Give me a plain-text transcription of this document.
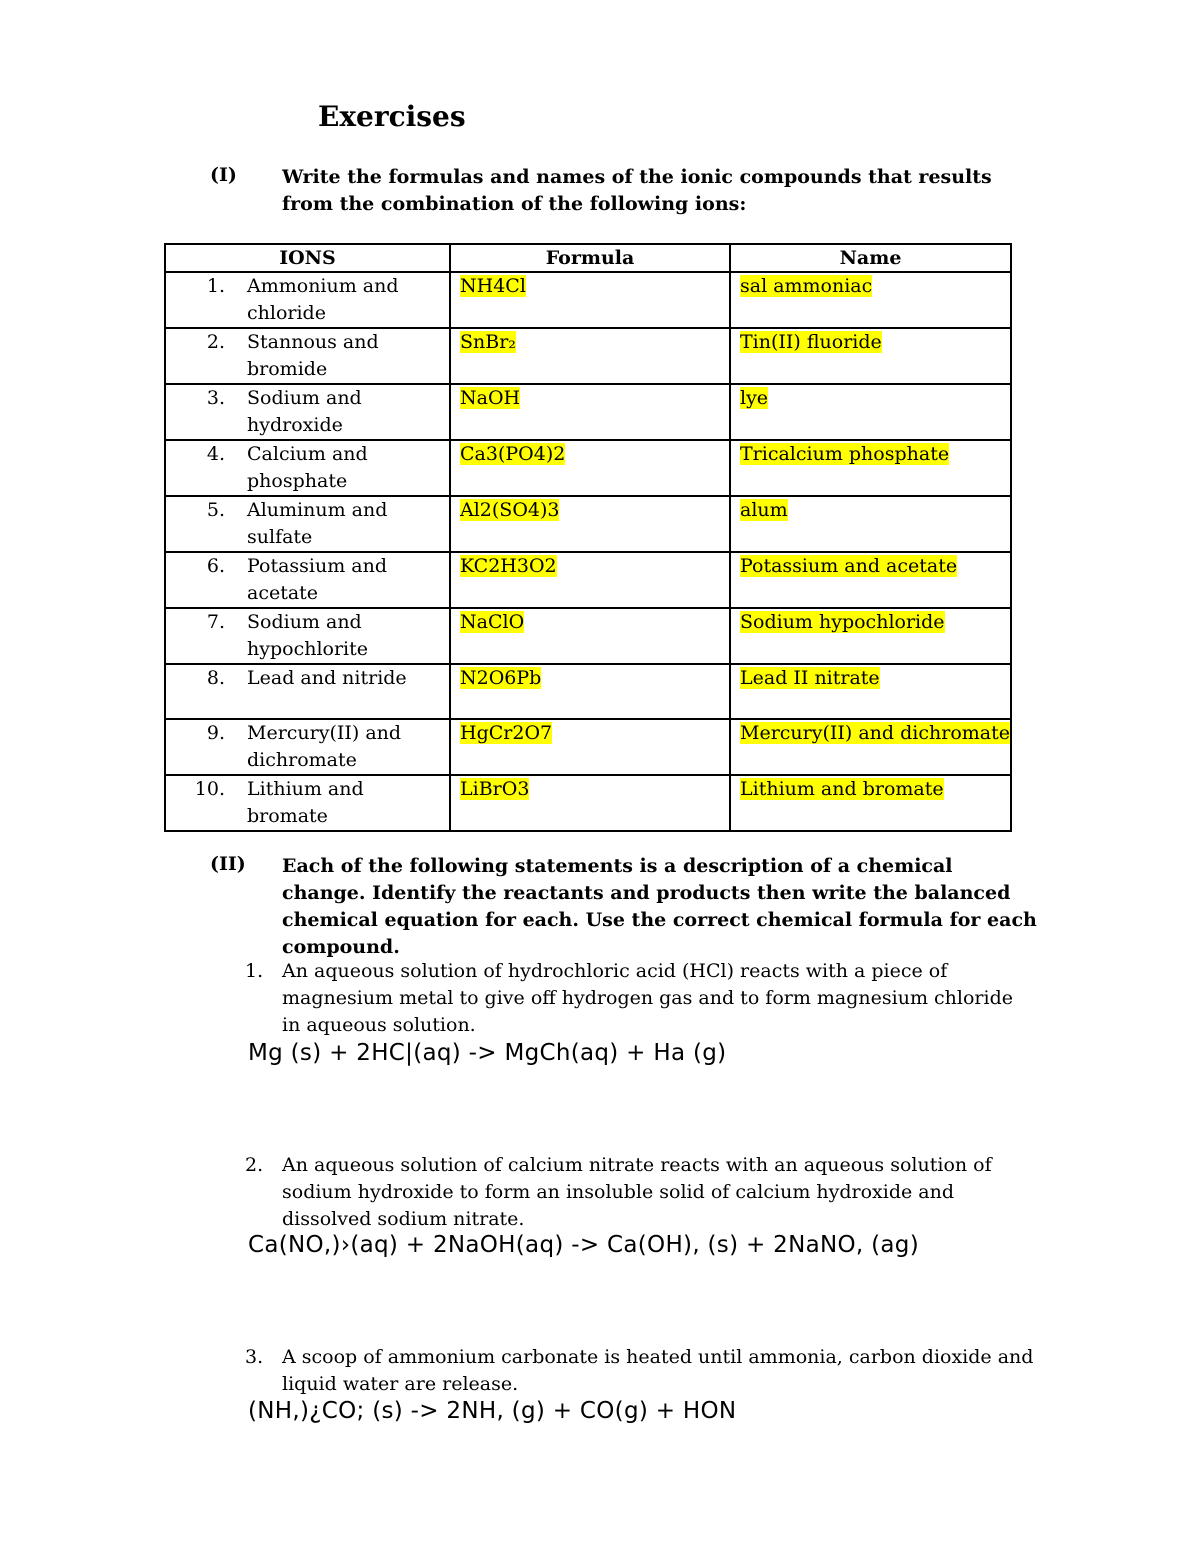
Exercises
(I) Write the formulas and names of the ionic compounds that results from the combination of the following ions:
IONS	Formula	Name

1. Ammonium and chloride	NH4Cl	sal ammoniac

2. Stannous and bromide	SnBr₂	Tin(II) fluoride

3. Sodium and hydroxide	NaOH	lye

4. Calcium and phosphate	Ca3(PO4)2	Tricalcium phosphate

5. Aluminum and sulfate	Al2(SO4)3	alum

6. Potassium and acetate	KC2H3O2	Potassium and acetate

7. Sodium and hypochlorite	NaClO	Sodium hypochloride

8. Lead and nitride	N2O6Pb	Lead II nitrate

9. Mercury(II) and dichromate	HgCr2O7	Mercury(II) and dichromate

10. Lithium and bromate	LiBrO3	Lithium and bromate
(II) Each of the following statements is a description of a chemical change. Identify the reactants and products then write the balanced chemical equation for each. Use the correct chemical formula for each compound.
1. An aqueous solution of hydrochloric acid (HCl) reacts with a piece of magnesium metal to give off hydrogen gas and to form magnesium chloride in aqueous solution.
Mg (s) + 2HC|(aq) -> MgCh(aq) + Ha (g)
2. An aqueous solution of calcium nitrate reacts with an aqueous solution of sodium hydroxide to form an insoluble solid of calcium hydroxide and dissolved sodium nitrate.
Ca(NO,)›(aq) + 2NaOH(aq) -> Ca(OH), (s) + 2NaNO, (ag)
3. A scoop of ammonium carbonate is heated until ammonia, carbon dioxide and liquid water are release.
(NH,)¿CO; (s) -> 2NH, (g) + CO(g) + HON
